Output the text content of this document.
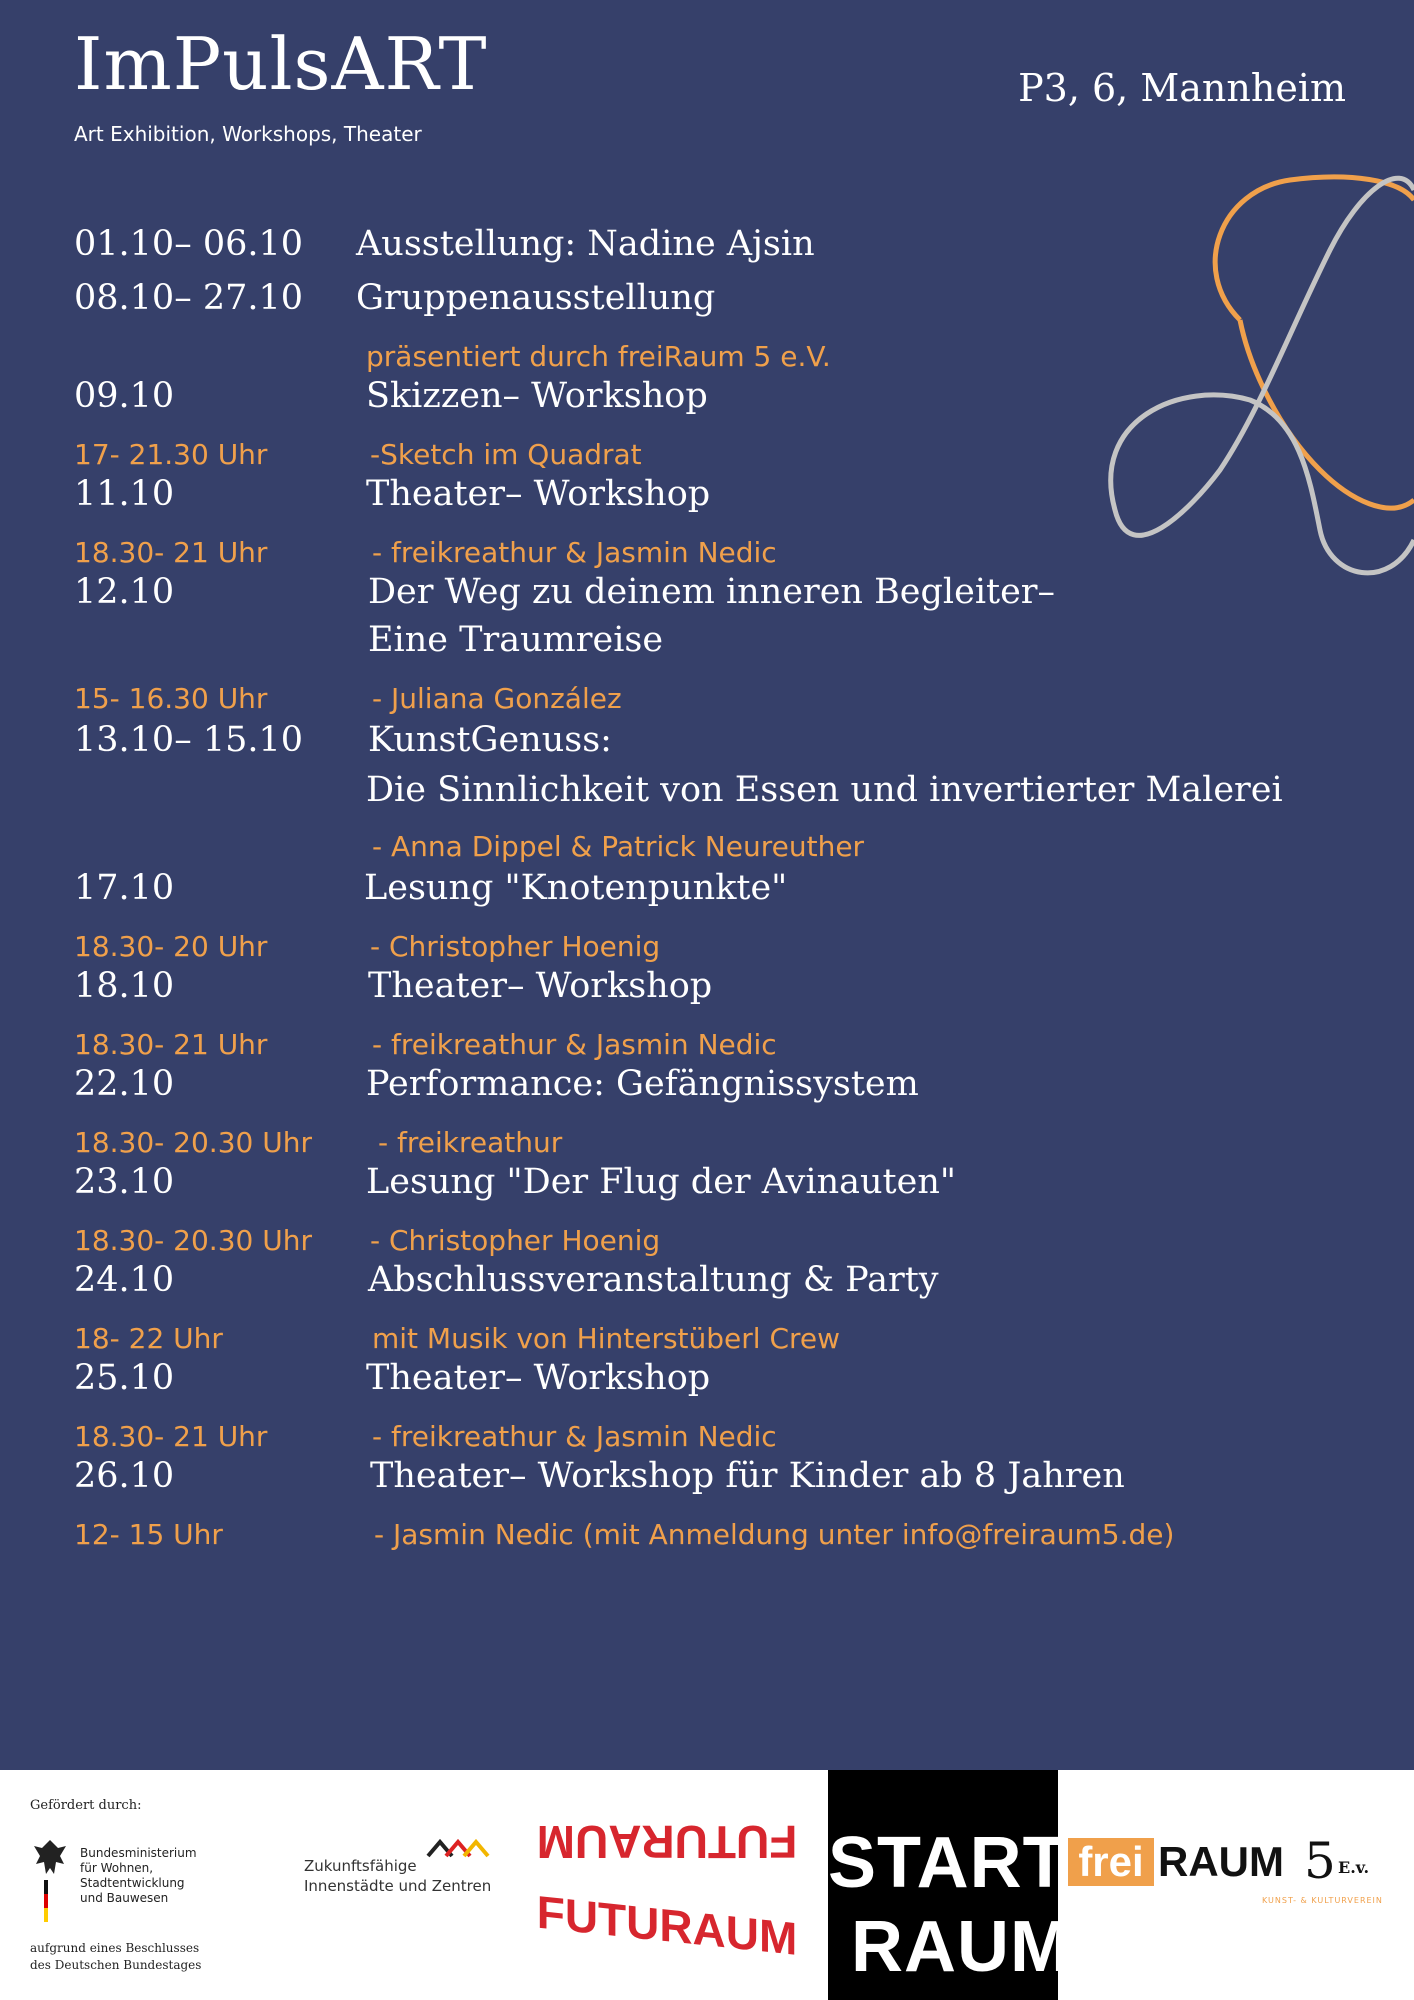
ImPulsART
Art Exhibition, Workshops, Theater
P3, 6, Mannheim
01.10– 06.10 Ausstellung: Nadine Ajsin
08.10– 27.10 Gruppenausstellung
präsentiert durch freiRaum 5 e.V.
09.10	Skizzen– Workshop
17- 21.30 Uhr	-Sketch im Quadrat
11.10	Theater– Workshop
18.30- 21 Uhr	- freikreathur & Jasmin Nedic
12.10	Der Weg zu deinem inneren Begleiter–
Eine Traumreise
15- 16.30 Uhr	- Juliana González
13.10– 15.10 KunstGenuss:
Die Sinnlichkeit von Essen und invertierter Malerei
- Anna Dippel & Patrick Neureuther
17.10	Lesung "Knotenpunkte"
18.30- 20 Uhr	- Christopher Hoenig
18.10	Theater– Workshop
18.30- 21 Uhr	- freikreathur & Jasmin Nedic
22.10	Performance: Gefängnissystem
18.30- 20.30 Uhr - freikreathur
23.10	Lesung "Der Flug der Avinauten"
18.30- 20.30 Uhr - Christopher Hoenig
24.10	Abschlussveranstaltung & Party
18- 22 Uhr	mit Musik von Hinterstüberl Crew
25.10	Theater– Workshop
18.30- 21 Uhr	- freikreathur & Jasmin Nedic
26.10	Theater– Workshop für Kinder ab 8 Jahren
12- 15 Uhr	- Jasmin Nedic (mit Anmeldung unter info@freiraum5.de)
Gefördert durch:
Bundesministerium
für Wohnen, Stadtentwicklung
und Bauwesen
aufgrund eines Beschlusses
des Deutschen Bundestages
Zukunftsfähige
Innenstädte und Zentren
FUTURAUM
FUTURAUM
START
RAUM
frei RAUM 5 E.v.
KUNST- & KULTURVEREIN
